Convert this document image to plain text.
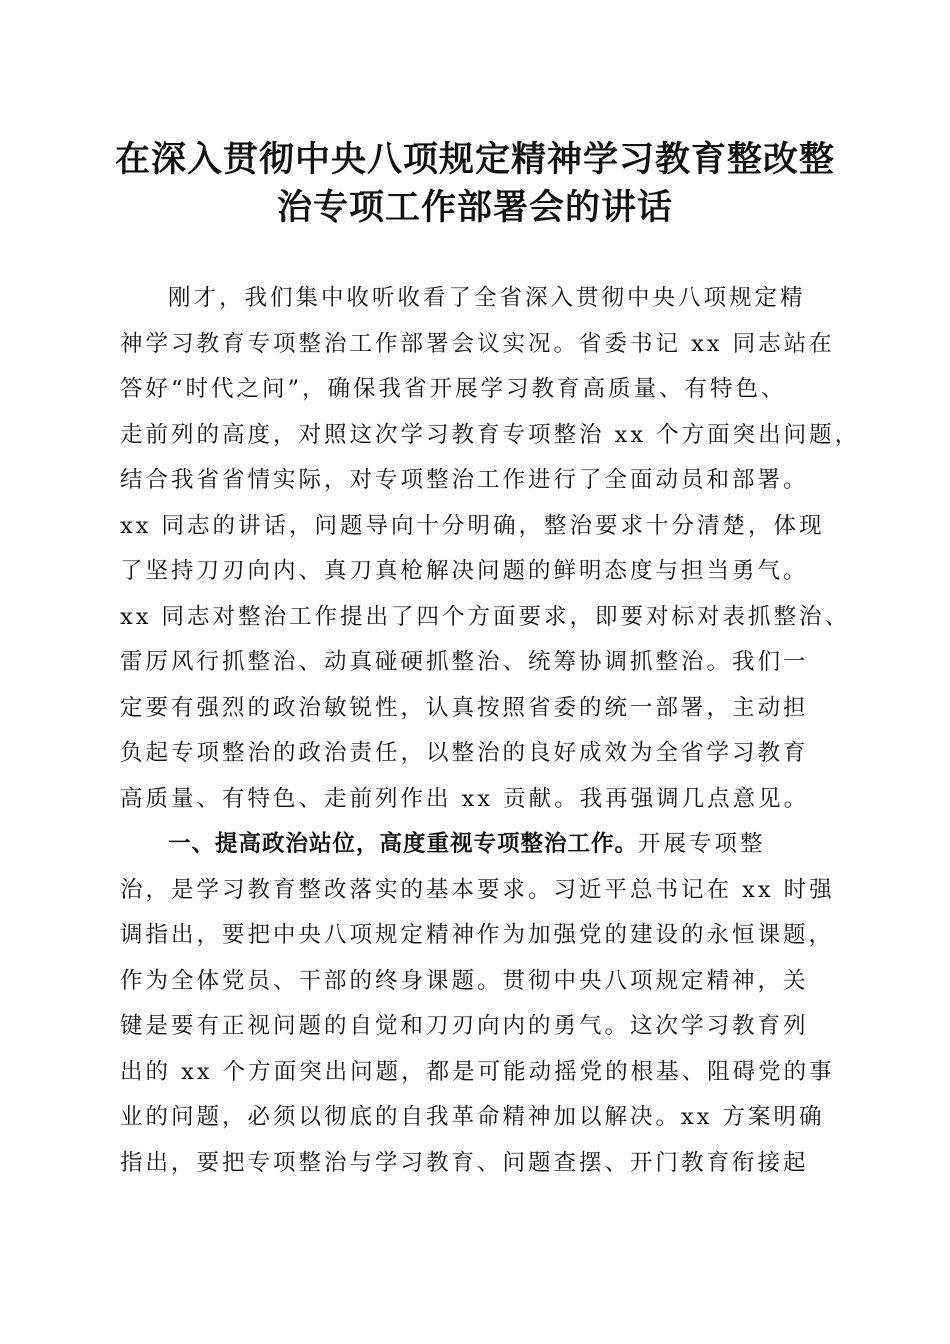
在深入贯彻中央八项规定精神学习教育整改整
治专项工作部署会的讲话
刚才，我们集中收听收看了全省深入贯彻中央八项规定精
神学习教育专项整治工作部署会议实况。省委书记 xx 同志站在
答好“时代之问”，确保我省开展学习教育高质量、有特色、
走前列的高度，对照这次学习教育专项整治 xx 个方面突出问题，
结合我省省情实际，对专项整治工作进行了全面动员和部署。
xx 同志的讲话，问题导向十分明确，整治要求十分清楚，体现
了坚持刀刃向内、真刀真枪解决问题的鲜明态度与担当勇气。
xx 同志对整治工作提出了四个方面要求，即要对标对表抓整治、
雷厉风行抓整治、动真碰硬抓整治、统筹协调抓整治。我们一
定要有强烈的政治敏锐性，认真按照省委的统一部署，主动担
负起专项整治的政治责任，以整治的良好成效为全省学习教育
高质量、有特色、走前列作出 xx 贡献。我再强调几点意见。
一、提高政治站位，高度重视专项整治工作。开展专项整
治，是学习教育整改落实的基本要求。习近平总书记在 xx 时强
调指出，要把中央八项规定精神作为加强党的建设的永恒课题，
作为全体党员、干部的终身课题。贯彻中央八项规定精神，关
键是要有正视问题的自觉和刀刃向内的勇气。这次学习教育列
出的 xx 个方面突出问题，都是可能动摇党的根基、阻碍党的事
业的问题，必须以彻底的自我革命精神加以解决。xx 方案明确
指出，要把专项整治与学习教育、问题查摆、开门教育衔接起
